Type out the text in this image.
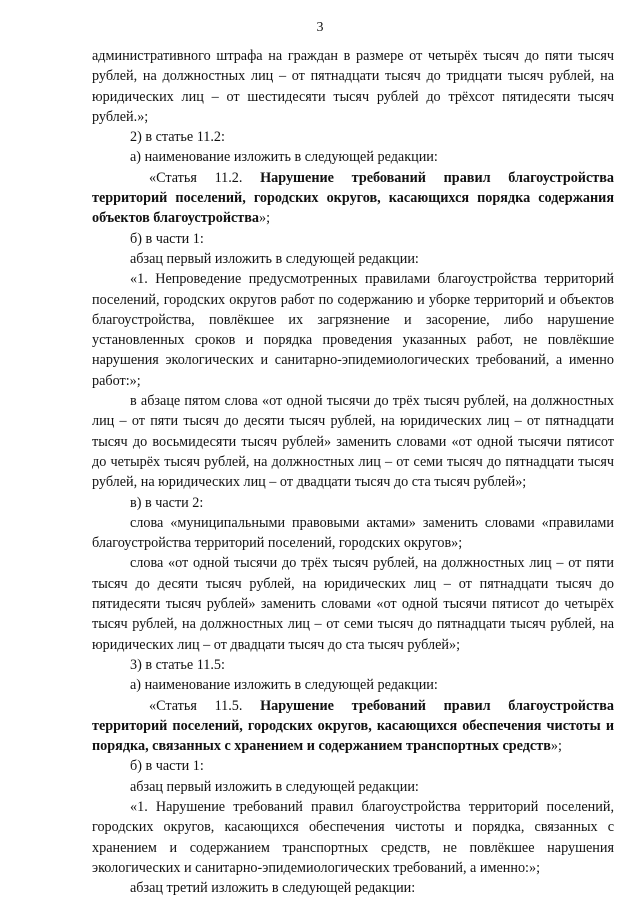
3

административного штрафа на граждан в размере от четырёх тысяч до пяти тысяч рублей, на должностных лиц – от пятнадцати тысяч до тридцати тысяч рублей, на юридических лиц – от шестидесяти тысяч рублей до трёхсот пятидесяти тысяч рублей.»;

2) в статье 11.2:

а) наименование изложить в следующей редакции:

«Статья 11.2. Нарушение требований правил благоустройства территорий поселений, городских округов, касающихся порядка содержания объектов благоустройства»;

б) в части 1:

абзац первый изложить в следующей редакции:

«1. Непроведение предусмотренных правилами благоустройства территорий поселений, городских округов работ по содержанию и уборке территорий и объектов благоустройства, повлёкшее их загрязнение и засорение, либо нарушение установленных сроков и порядка проведения указанных работ, не повлёкшие нарушения экологических и санитарно-эпидемиологических требований, а именно работ:»;

в абзаце пятом слова «от одной тысячи до трёх тысяч рублей, на должностных лиц – от пяти тысяч до десяти тысяч рублей, на юридических лиц – от пятнадцати тысяч до восьмидесяти тысяч рублей» заменить словами «от одной тысячи пятисот до четырёх тысяч рублей, на должностных лиц – от семи тысяч до пятнадцати тысяч рублей, на юридических лиц – от двадцати тысяч до ста тысяч рублей»;

в) в части 2:

слова «муниципальными правовыми актами» заменить словами «правилами благоустройства территорий поселений, городских округов»;

слова «от одной тысячи до трёх тысяч рублей, на должностных лиц – от пяти тысяч до десяти тысяч рублей, на юридических лиц – от пятнадцати тысяч до пятидесяти тысяч рублей» заменить словами «от одной тысячи пятисот до четырёх тысяч рублей, на должностных лиц – от семи тысяч до пятнадцати тысяч рублей, на юридических лиц – от двадцати тысяч до ста тысяч рублей»;

3) в статье 11.5:

а) наименование изложить в следующей редакции:

«Статья 11.5. Нарушение требований правил благоустройства территорий поселений, городских округов, касающихся обеспечения чистоты и порядка, связанных с хранением и содержанием транспортных средств»;

б) в части 1:

абзац первый изложить в следующей редакции:

«1. Нарушение требований правил благоустройства территорий поселений, городских округов, касающихся обеспечения чистоты и порядка, связанных с хранением и содержанием транспортных средств, не повлёкшее нарушения экологических и санитарно-эпидемиологических требований, а именно:»;

абзац третий изложить в следующей редакции:
